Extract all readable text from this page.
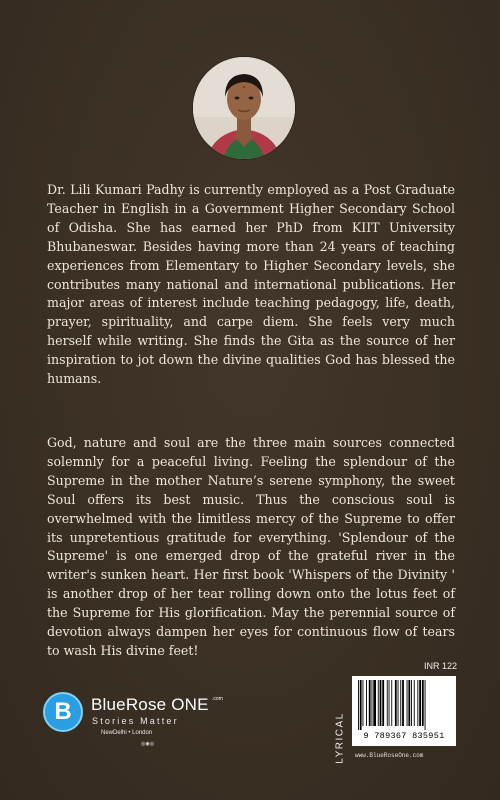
Dr. Lili Kumari Padhy is currently employed as a Post Graduate Teacher in English in a Government Higher Secondary School of Odisha. She has earned her PhD from KIIT University Bhubaneswar. Besides having more than 24 years of teaching experiences from Elementary to Higher Secondary levels, she contributes many national and international publications. Her major areas of interest include teaching pedagogy, life, death, prayer, spirituality, and carpe diem. She feels very much herself while writing. She finds the Gita as the source of her inspiration to jot down the divine qualities God has blessed the humans.

God, nature and soul are the three main sources connected solemnly for a peaceful living. Feeling the splendour of the Supreme in the mother Nature’s serene symphony, the sweet Soul offers its best music. Thus the conscious soul is overwhelmed with the limitless mercy of the Supreme to offer its unpretentious gratitude for everything. 'Splendour of the Supreme' is one emerged drop of the grateful river in the writer's sunken heart. Her first book 'Whispers of the Divinity ' is another drop of her tear rolling down onto the lotus feet of the Supreme for His glorification. May the perennial source of devotion always dampen her eyes for continuous flow of tears to wash His divine feet!

B	BlueRose ONE .com
Stories Matter
NewDelhi • London
◎◉◎
INR 122
LYRICAL	9 789367 835951
www.BlueRoseOne.com
